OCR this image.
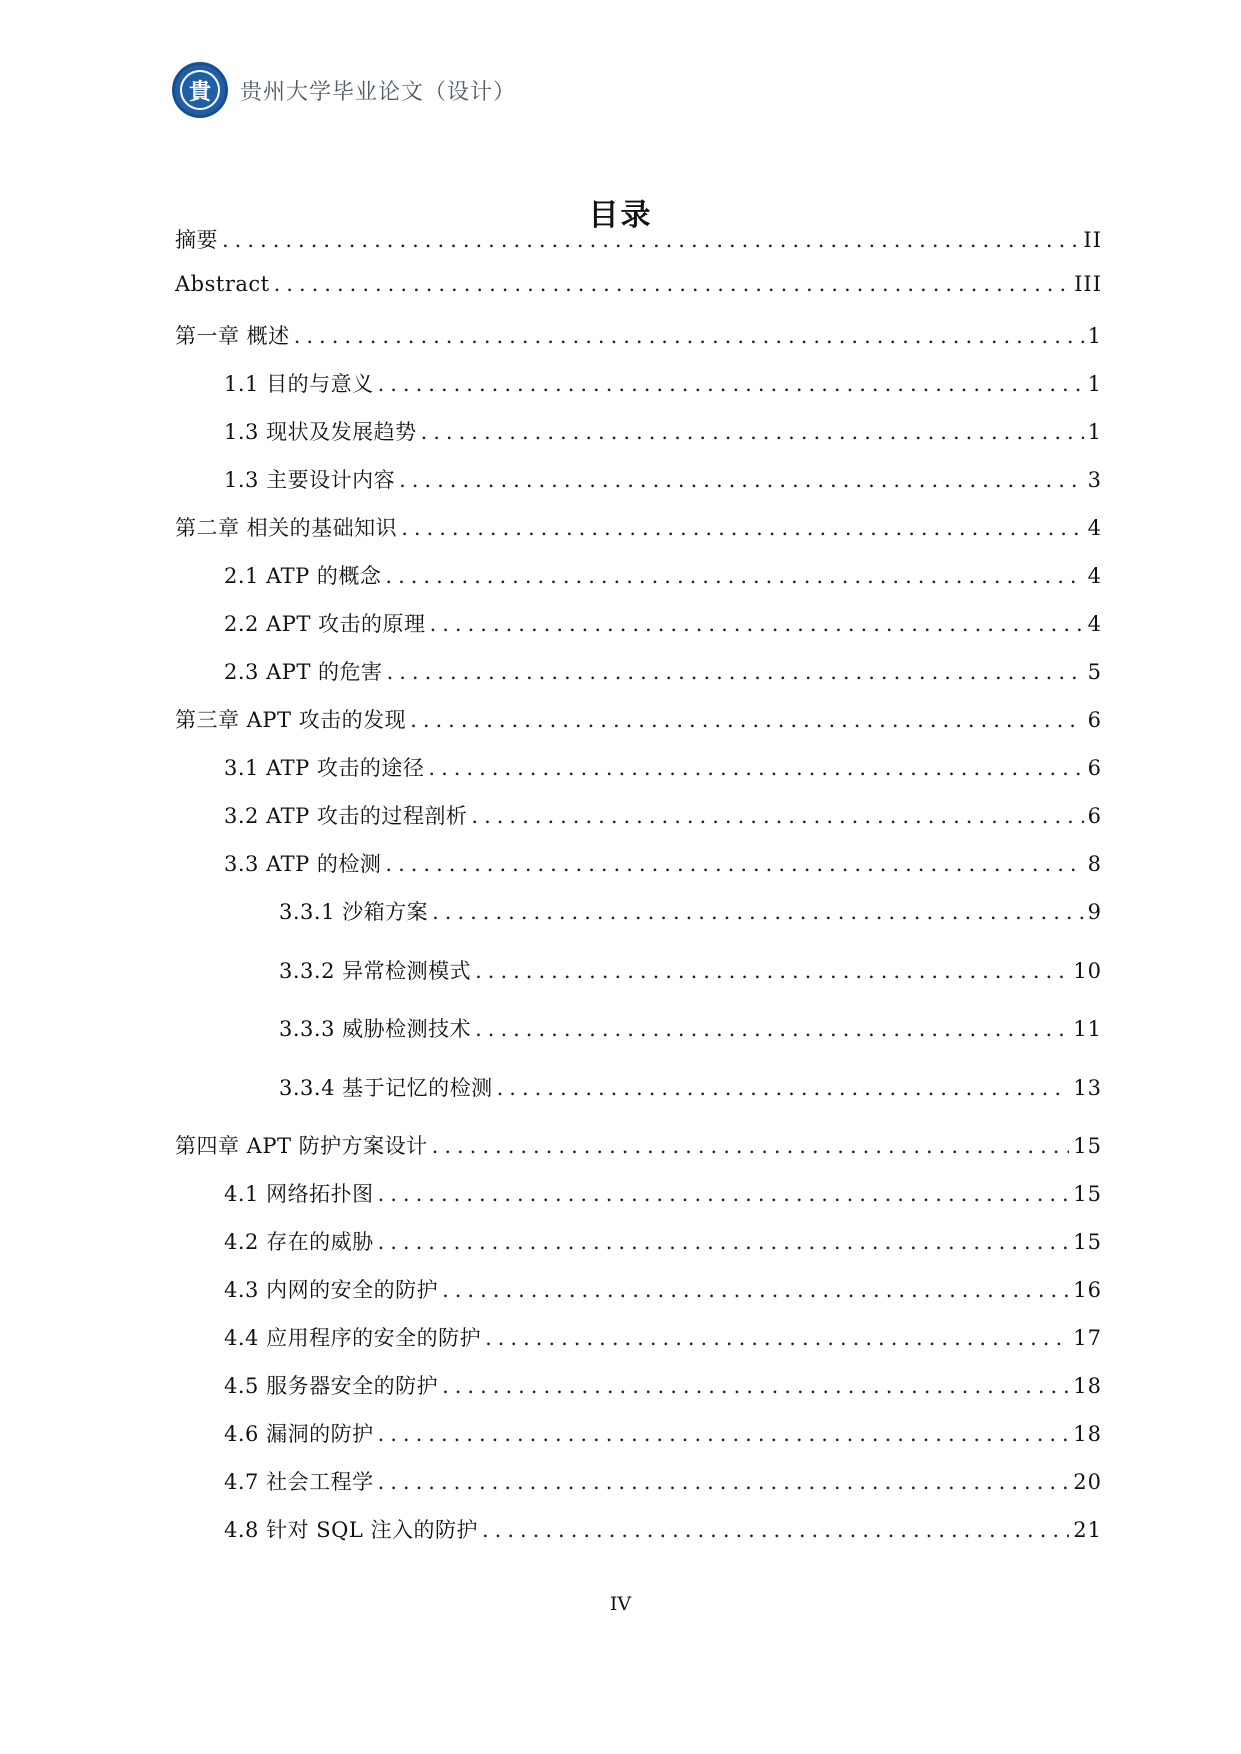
貴	贵州大学毕业论文（设计）
目录
摘要 .....	II
Abstract .....	III
第一章 概述 .....	1
1.1 目的与意义 .....	1
1.3 现状及发展趋势 .....	1
1.3 主要设计内容 .....	3
第二章 相关的基础知识 .....	4
2.1 ATP 的概念 .....	4
2.2 APT 攻击的原理 .....	4
2.3 APT 的危害 .....	5
第三章 APT 攻击的发现 .....	6
3.1 ATP 攻击的途径 .....	6
3.2 ATP 攻击的过程剖析 .....	6
3.3 ATP 的检测 .....	8
3.3.1 沙箱方案 .....	9
3.3.2 异常检测模式 .....	10
3.3.3 威胁检测技术 .....	11
3.3.4 基于记忆的检测 .....	13
第四章 APT 防护方案设计 .....	15
4.1 网络拓扑图 .....	15
4.2 存在的威胁 .....	15
4.3 内网的安全的防护 .....	16
4.4 应用程序的安全的防护 .....	17
4.5 服务器安全的防护 .....	18
4.6 漏洞的防护 .....	18
4.7 社会工程学 .....	20
4.8 针对 SQL 注入的防护 .....	21
IV
